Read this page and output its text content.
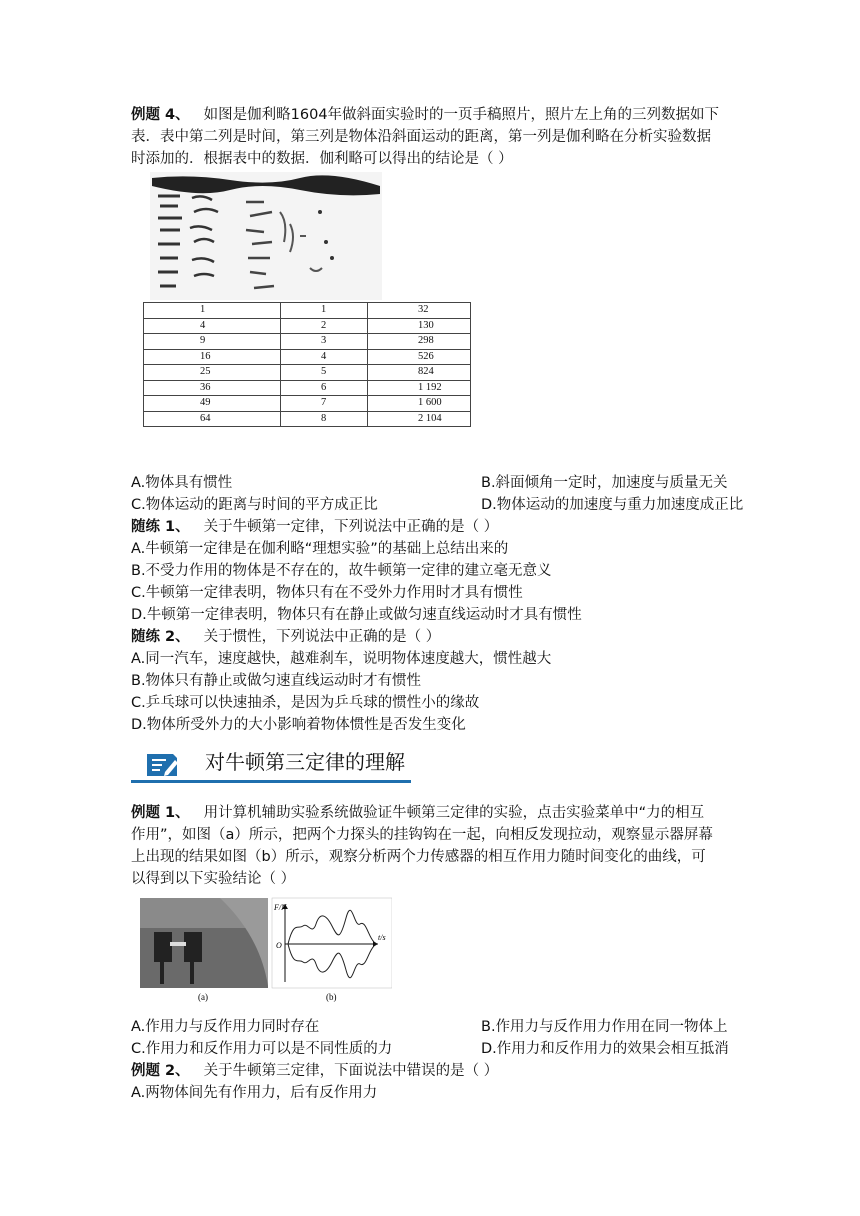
例题 4、 如图是伽利略1604年做斜面实验时的一页手稿照片，照片左上角的三列数据如下
表．表中第二列是时间，第三列是物体沿斜面运动的距离，第一列是伽利略在分析实验数据
时添加的．根据表中的数据．伽利略可以得出的结论是（ ）
1	1	32
4	2	130
9	3	298
16	4	526
25	5	824
36	6	1 192
49	7	1 600
64	8	2 104
A.物体具有惯性	B.斜面倾角一定时，加速度与质量无关
C.物体运动的距离与时间的平方成正比	D.物体运动的加速度与重力加速度成正比
随练 1、 关于牛顿第一定律，下列说法中正确的是（ ）
A.牛顿第一定律是在伽利略“理想实验”的基础上总结出来的
B.不受力作用的物体是不存在的，故牛顿第一定律的建立毫无意义
C.牛顿第一定律表明，物体只有在不受外力作用时才具有惯性
D.牛顿第一定律表明，物体只有在静止或做匀速直线运动时才具有惯性
随练 2、 关于惯性，下列说法中正确的是（ ）
A.同一汽车，速度越快，越难刹车，说明物体速度越大，惯性越大
B.物体只有静止或做匀速直线运动时才有惯性
C.乒乓球可以快速抽杀，是因为乒乓球的惯性小的缘故
D.物体所受外力的大小影响着物体惯性是否发生变化
对牛顿第三定律的理解
例题 1、 用计算机辅助实验系统做验证牛顿第三定律的实验，点击实验菜单中“力的相互
作用”，如图（a）所示，把两个力探头的挂钩钩在一起，向相反发现拉动，观察显示器屏幕
上出现的结果如图（b）所示，观察分析两个力传感器的相互作用力随时间变化的曲线，可
以得到以下实验结论（ ）
(a)
F/N
t/s
O
(b)
A.作用力与反作用力同时存在	B.作用力与反作用力作用在同一物体上
C.作用力和反作用力可以是不同性质的力	D.作用力和反作用力的效果会相互抵消
例题 2、 关于牛顿第三定律，下面说法中错误的是（ ）
A.两物体间先有作用力，后有反作用力
